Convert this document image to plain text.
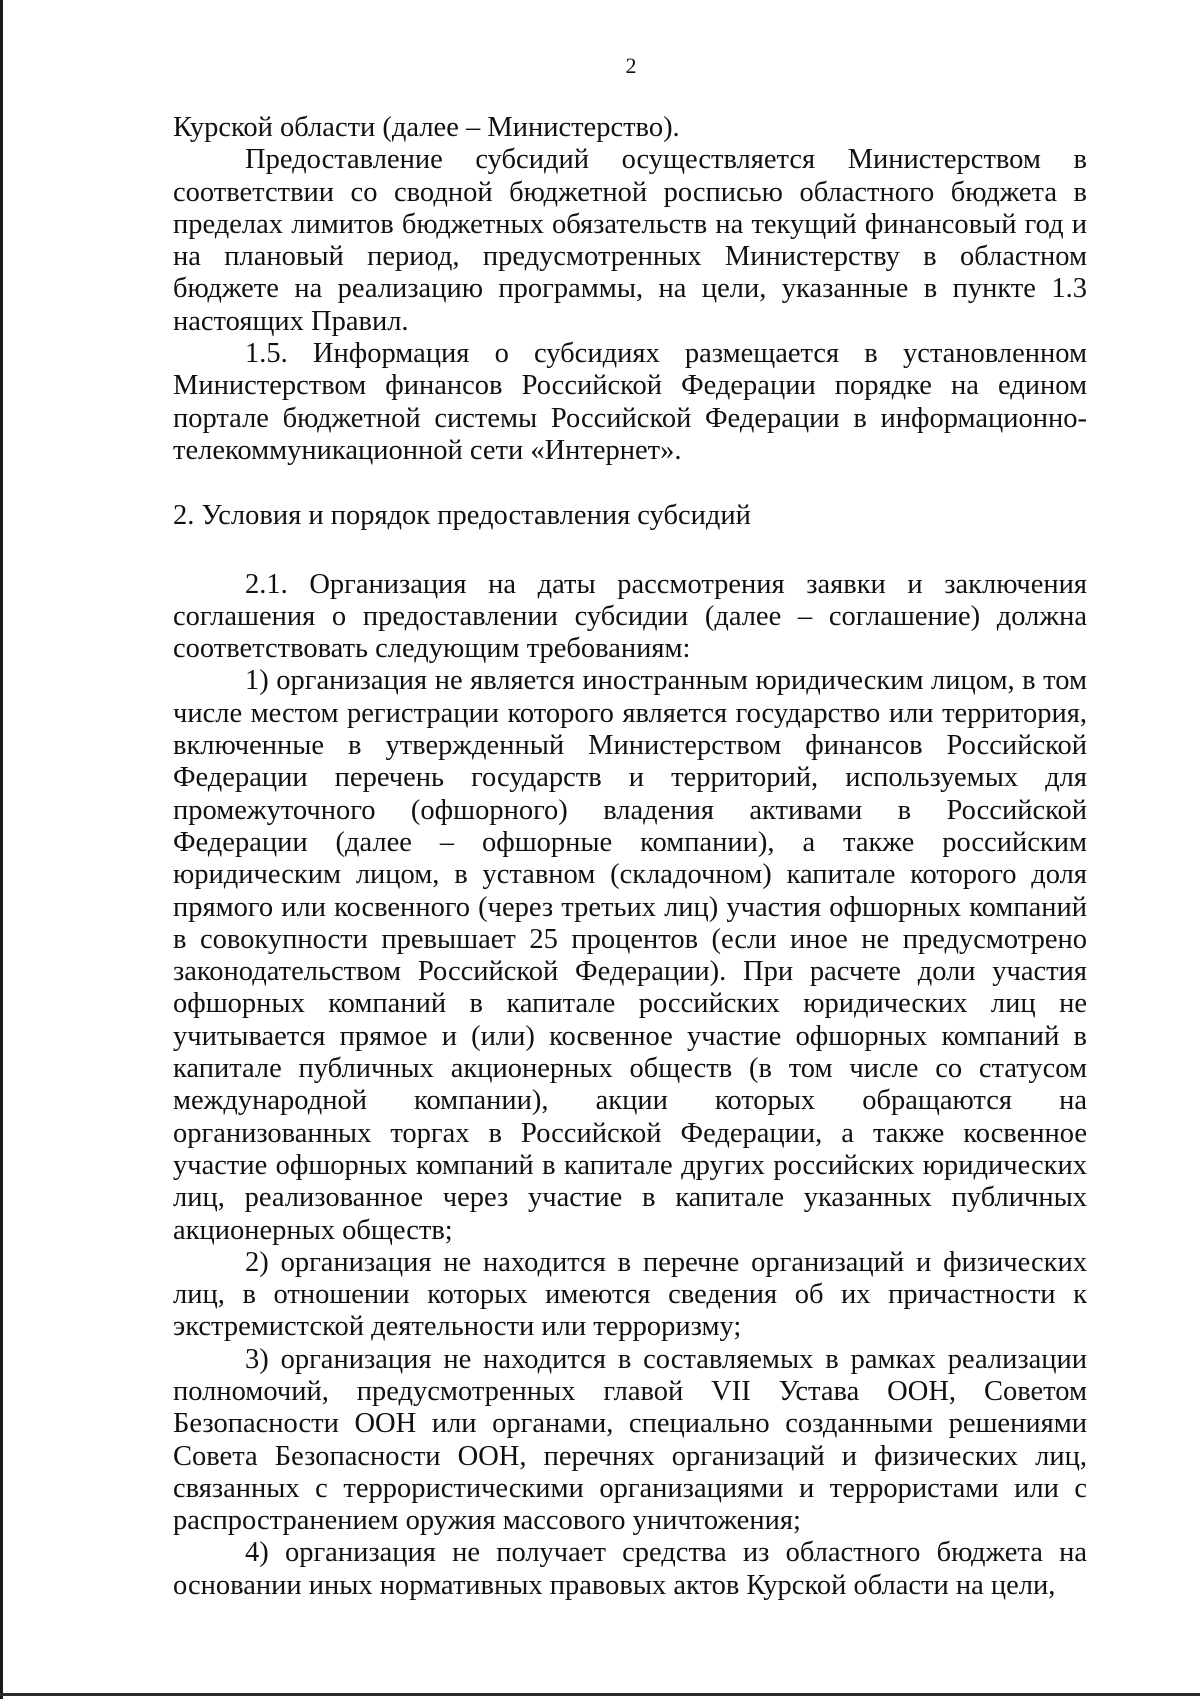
2

Курской области (далее – Министерство).

Предоставление субсидий осуществляется Министерством в соответствии со сводной бюджетной росписью областного бюджета в пределах лимитов бюджетных обязательств на текущий финансовый год и на плановый период, предусмотренных Министерству в областном бюджете на реализацию программы, на цели, указанные в пункте 1.3 настоящих Правил.

1.5. Информация о субсидиях размещается в установленном Министерством финансов Российской Федерации порядке на едином портале бюджетной системы Российской Федерации в информационно-телекоммуникационной сети «Интернет».

2. Условия и порядок предоставления субсидий

2.1. Организация на даты рассмотрения заявки и заключения соглашения о предоставлении субсидии (далее – соглашение) должна соответствовать следующим требованиям:

1) организация не является иностранным юридическим лицом, в том числе местом регистрации которого является государство или территория, включенные в утвержденный Министерством финансов Российской Федерации перечень государств и территорий, используемых для промежуточного (офшорного) владения активами в Российской Федерации (далее – офшорные компании), а также российским юридическим лицом, в уставном (складочном) капитале которого доля прямого или косвенного (через третьих лиц) участия офшорных компаний в совокупности превышает 25 процентов (если иное не предусмотрено законодательством Российской Федерации). При расчете доли участия офшорных компаний в капитале российских юридических лиц не учитывается прямое и (или) косвенное участие офшорных компаний в капитале публичных акционерных обществ (в том числе со статусом международной компании), акции которых обращаются на организованных торгах в Российской Федерации, а также косвенное участие офшорных компаний в капитале других российских юридических лиц, реализованное через участие в капитале указанных публичных акционерных обществ;

2) организация не находится в перечне организаций и физических лиц, в отношении которых имеются сведения об их причастности к экстремистской деятельности или терроризму;

3) организация не находится в составляемых в рамках реализации полномочий, предусмотренных главой VII Устава ООН, Советом Безопасности ООН или органами, специально созданными решениями Совета Безопасности ООН, перечнях организаций и физических лиц, связанных с террористическими организациями и террористами или с распространением оружия массового уничтожения;

4) организация не получает средства из областного бюджета на основании иных нормативных правовых актов Курской области на цели,
